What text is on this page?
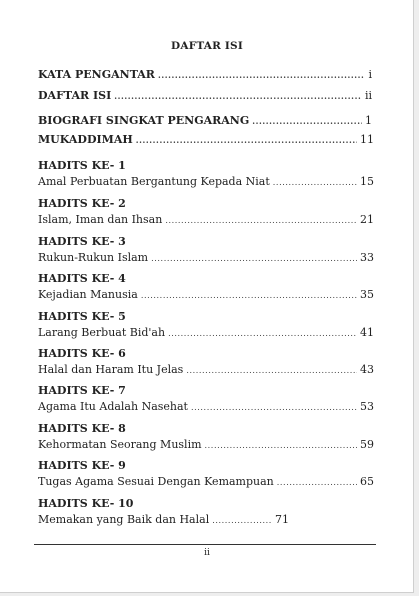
DAFTAR ISI
KATA PENGANTAR .....	i
DAFTAR ISI .....	ii
BIOGRAFI SINGKAT PENGARANG .....	1
MUKADDIMAH .....	11
HADITS KE- 1
Amal Perbuatan Bergantung Kepada Niat .....	15
HADITS KE- 2
Islam, Iman dan Ihsan .....	21
HADITS KE- 3
Rukun-Rukun Islam .....	33
HADITS KE- 4
Kejadian Manusia .....	35
HADITS KE- 5
Larang Berbuat Bid'ah .....	41
HADITS KE- 6
Halal dan Haram Itu Jelas .....	43
HADITS KE- 7
Agama Itu Adalah Nasehat .....	53
HADITS KE- 8
Kehormatan Seorang Muslim .....	59
HADITS KE- 9
Tugas Agama Sesuai Dengan Kemampuan .....	65
HADITS KE- 10
Memakan yang Baik dan Halal .....	71
ii
